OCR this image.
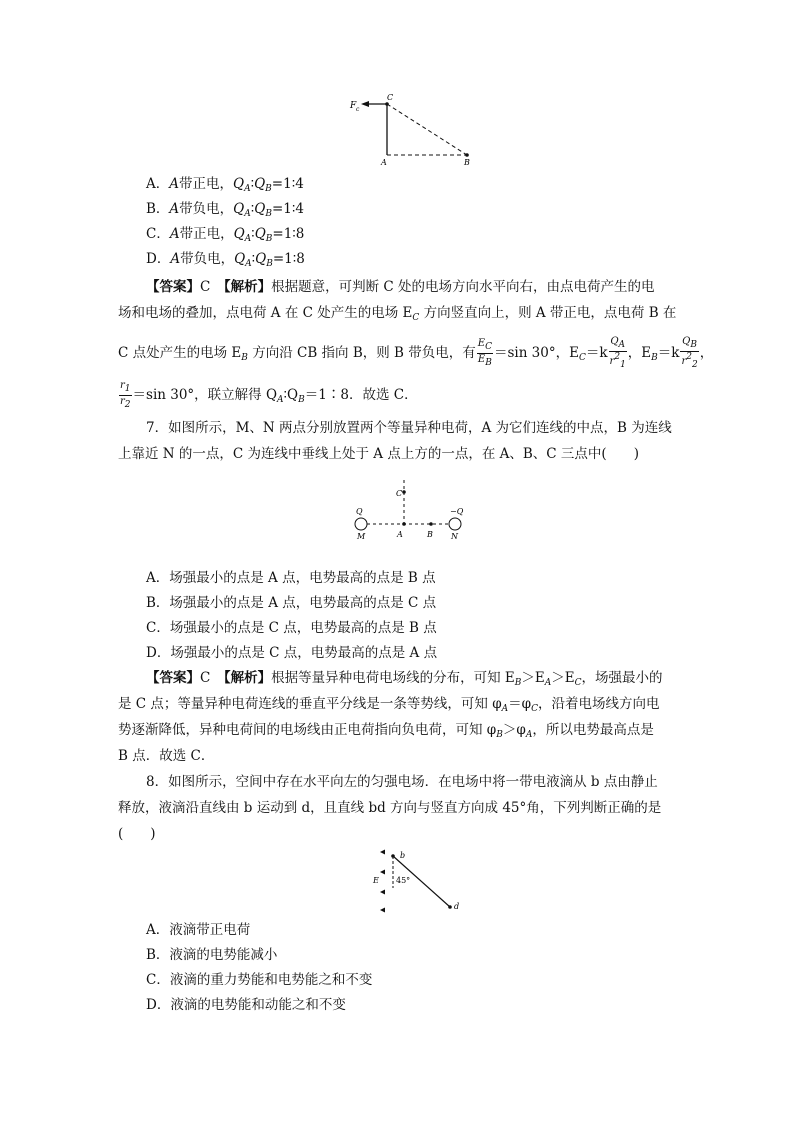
F c
C
A	B
A．A带正电，$Q_A∶Q_B=1∶4$
B．A带负电，$Q_A∶Q_B=1∶4$
C．A带正电，$Q_A∶Q_B=1∶8$
D．A带负电，$Q_A∶Q_B=1∶8$
【答案】C　 【解析】根据题意，可判断 C 处的电场方向水平向右，由点电荷产生的电
场和电场的叠加，点电荷 A 在 C 处产生的电场 $E_C$ 方向竖直向上，则 A 带正电，点电荷 B 在
C 点处产生的电场 $E_B$ 方向沿 CB 指向 B，则 B 带负电，有 $\frac{EC}{EB} =\sin$ 30°，$E_C=k \frac{QA}{r21}$ ，$E_B=k \frac{QB}{r22}$ ，
$\frac{r1}{r2} =\sin$ 30°，联立解得 $Q_A∶Q_B=1∶8$．故选 C．
7．如图所示，M、N 两点分别放置两个等量异种电荷，A 为它们连线的中点，B 为连线
上靠近 N 的一点，C 为连线中垂线上处于 A 点上方的一点，在 A、B、C 三点中(　　)
C
Q	−Q
M	A	B N
A．场强最小的点是 A 点，电势最高的点是 B 点
B．场强最小的点是 A 点，电势最高的点是 C 点
C．场强最小的点是 C 点，电势最高的点是 B 点
D．场强最小的点是 C 点，电势最高的点是 A 点
【答案】C　 【解析】根据等量异种电荷电场线的分布，可知 $E_B>E_A>E_C$，场强最小的
是 C 点；等量异种电荷连线的垂直平分线是一条等势线，可知 $\varphi_A=\varphi_C$，沿着电场线方向电
势逐渐降低，异种电荷间的电场线由正电荷指向负电荷，可知 $\varphi_B>\varphi_A$，所以电势最高点是
B 点．故选 C．
8．如图所示，空间中存在水平向左的匀强电场．在电场中将一带电液滴从 b 点由静止
释放，液滴沿直线由 b 运动到 d，且直线 bd 方向与竖直方向成 45°角，下列判断正确的是
(　　)
E
b
d
45°
A．液滴带正电荷
B．液滴的电势能减小
C．液滴的重力势能和电势能之和不变
D．液滴的电势能和动能之和不变
